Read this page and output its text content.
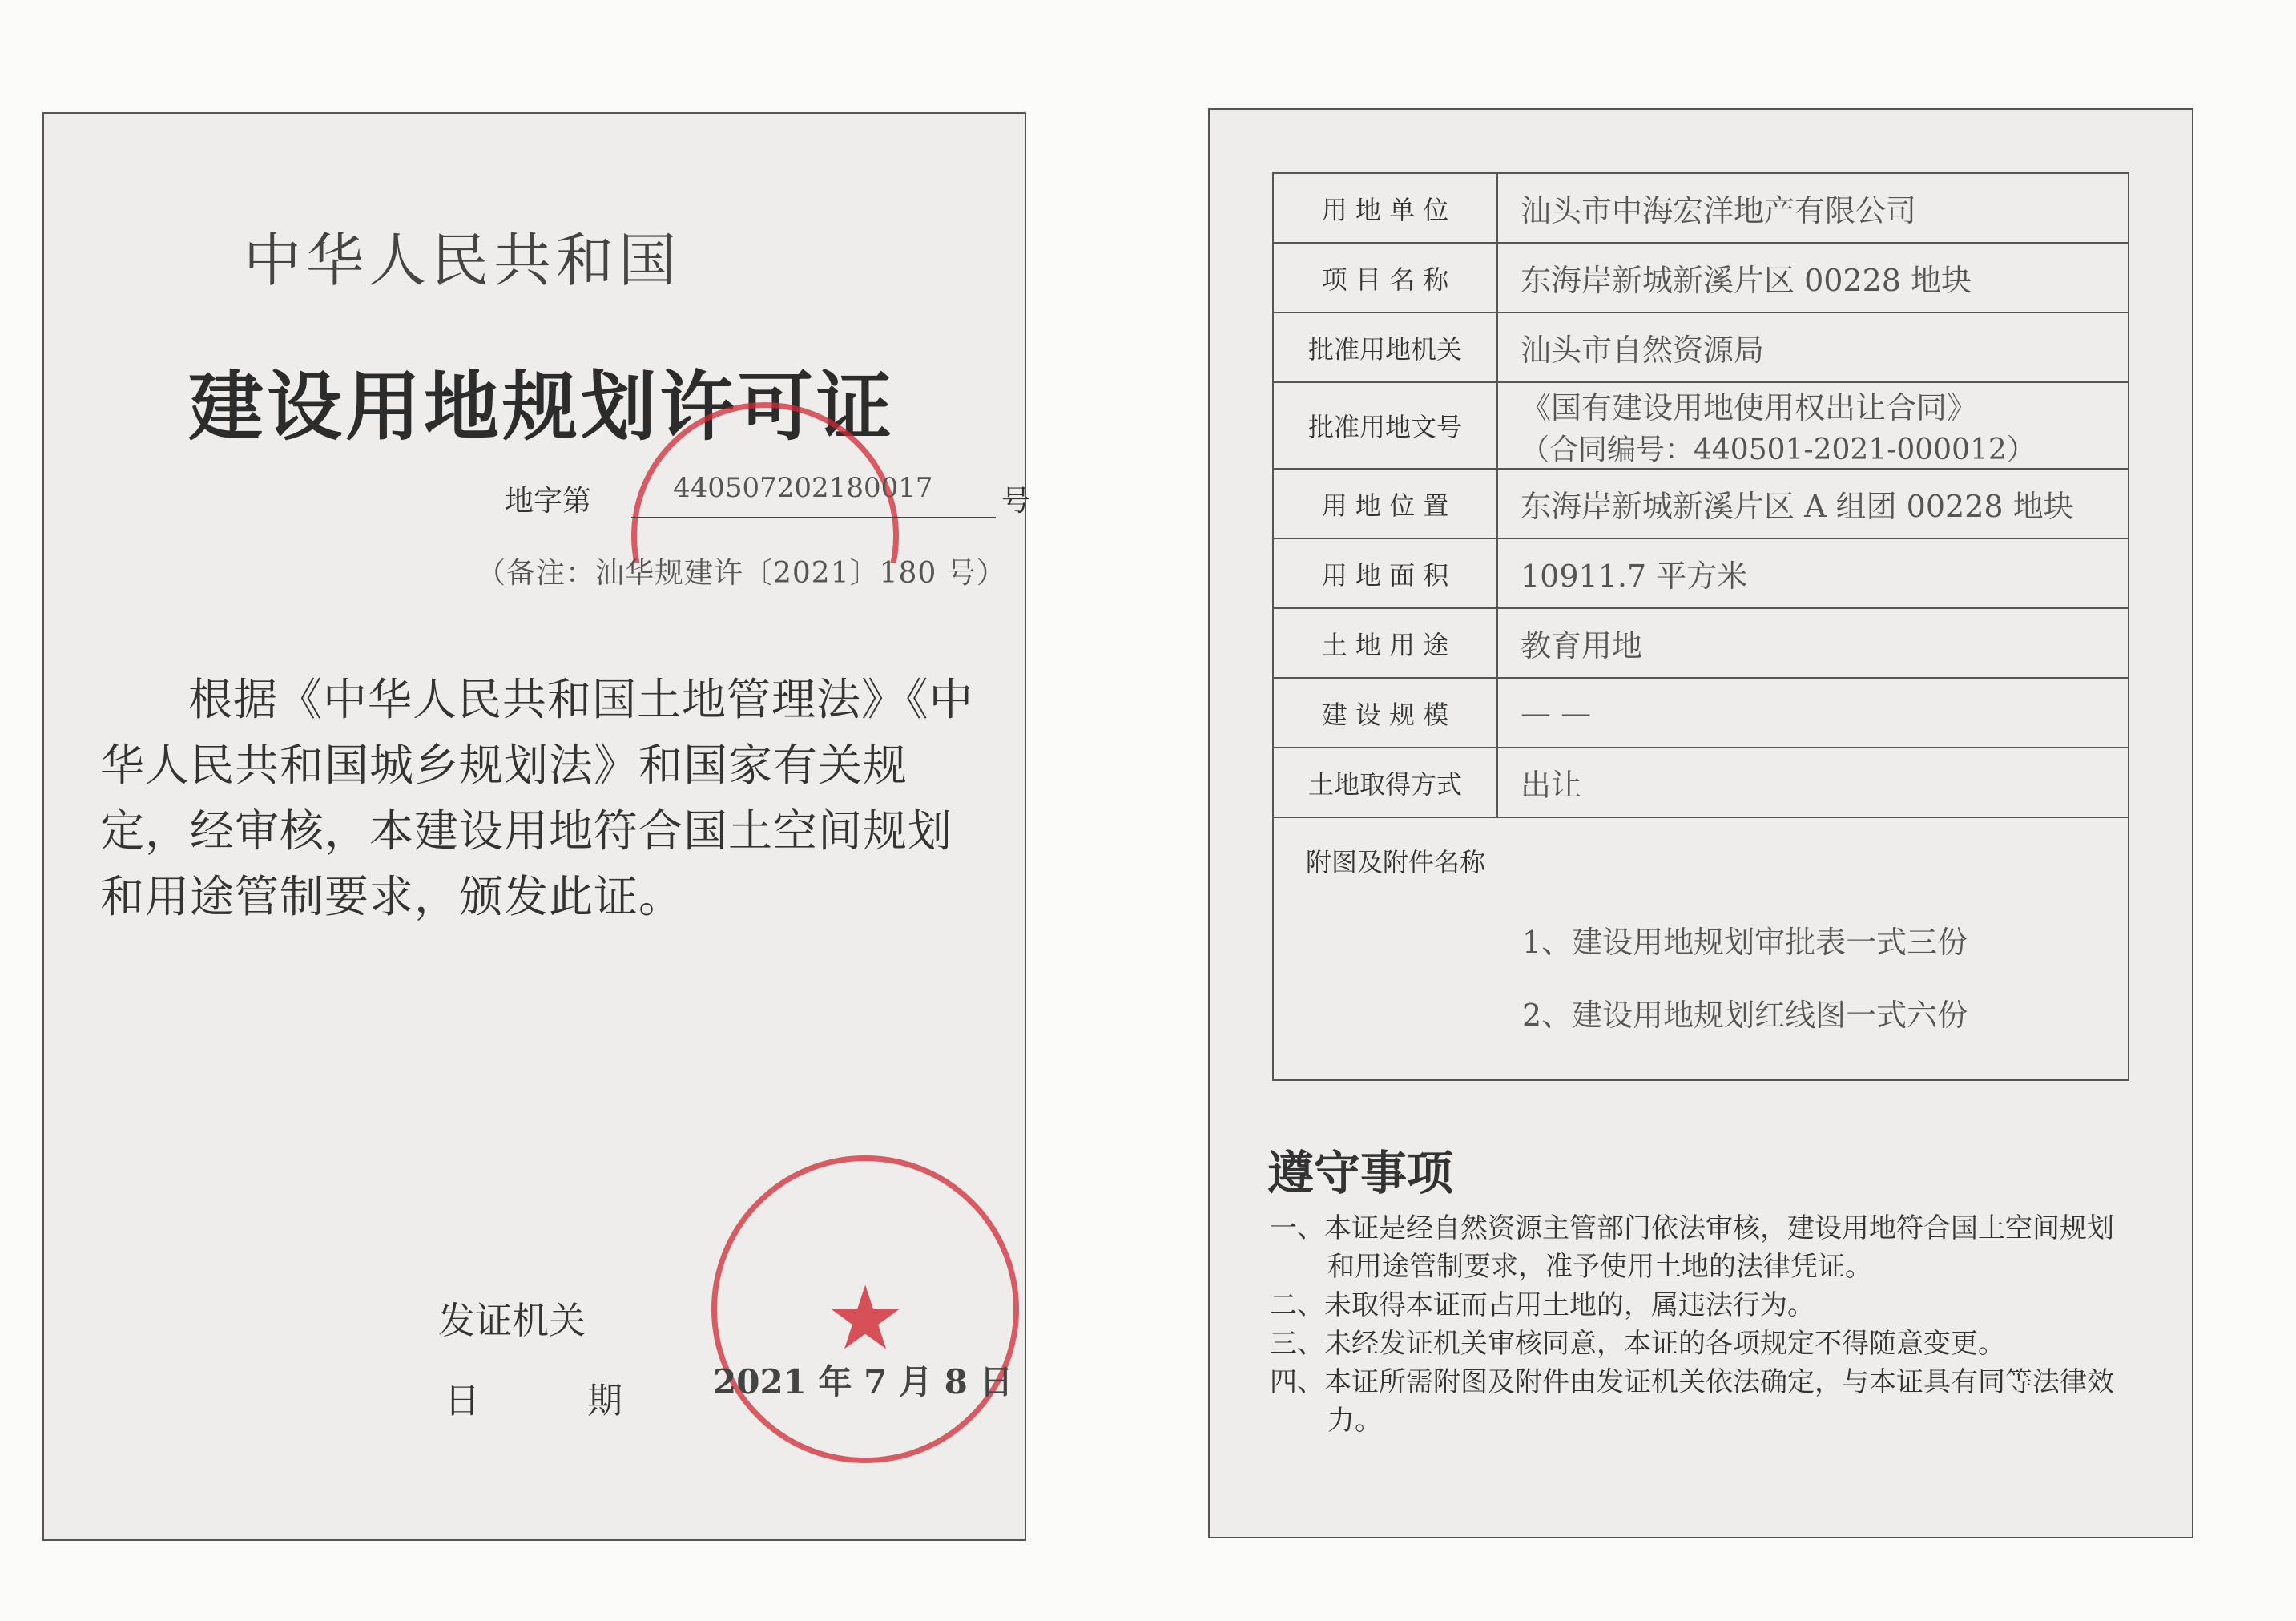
中华人民共和国
建设用地规划许可证
地字第	440507202180017 号
（备注：汕华规建许〔2021〕180 号）
根据《中华人民共和国土地管理法》《中华人民共和国城乡规划法》和国家有关规定，经审核，本建设用地符合国土空间规划和用途管制要求，颁发此证。
发证机关
日 期
★
2021 年 7 月 8 日
用 地 单 位	汕头市中海宏洋地产有限公司
项 目 名 称	东海岸新城新溪片区 00228 地块
批准用地机关	汕头市自然资源局
批准用地文号	《国有建设用地使用权出让合同》
（合同编号：440501-2021-000012）

用 地 位 置	东海岸新城新溪片区 A 组团 00228 地块
用 地 面 积	10911.7 平方米
土 地 用 途	教育用地
建 设 规 模	— —
土地取得方式	出让

附图及附件名称
1、建设用地规划审批表一式三份
2、建设用地规划红线图一式六份	
遵守事项
一、本证是经自然资源主管部门依法审核，建设用地符合国土空间规划和用途管制要求，准予使用土地的法律凭证。
二、未取得本证而占用土地的，属违法行为。
三、未经发证机关审核同意，本证的各项规定不得随意变更。
四、本证所需附图及附件由发证机关依法确定，与本证具有同等法律效力。
